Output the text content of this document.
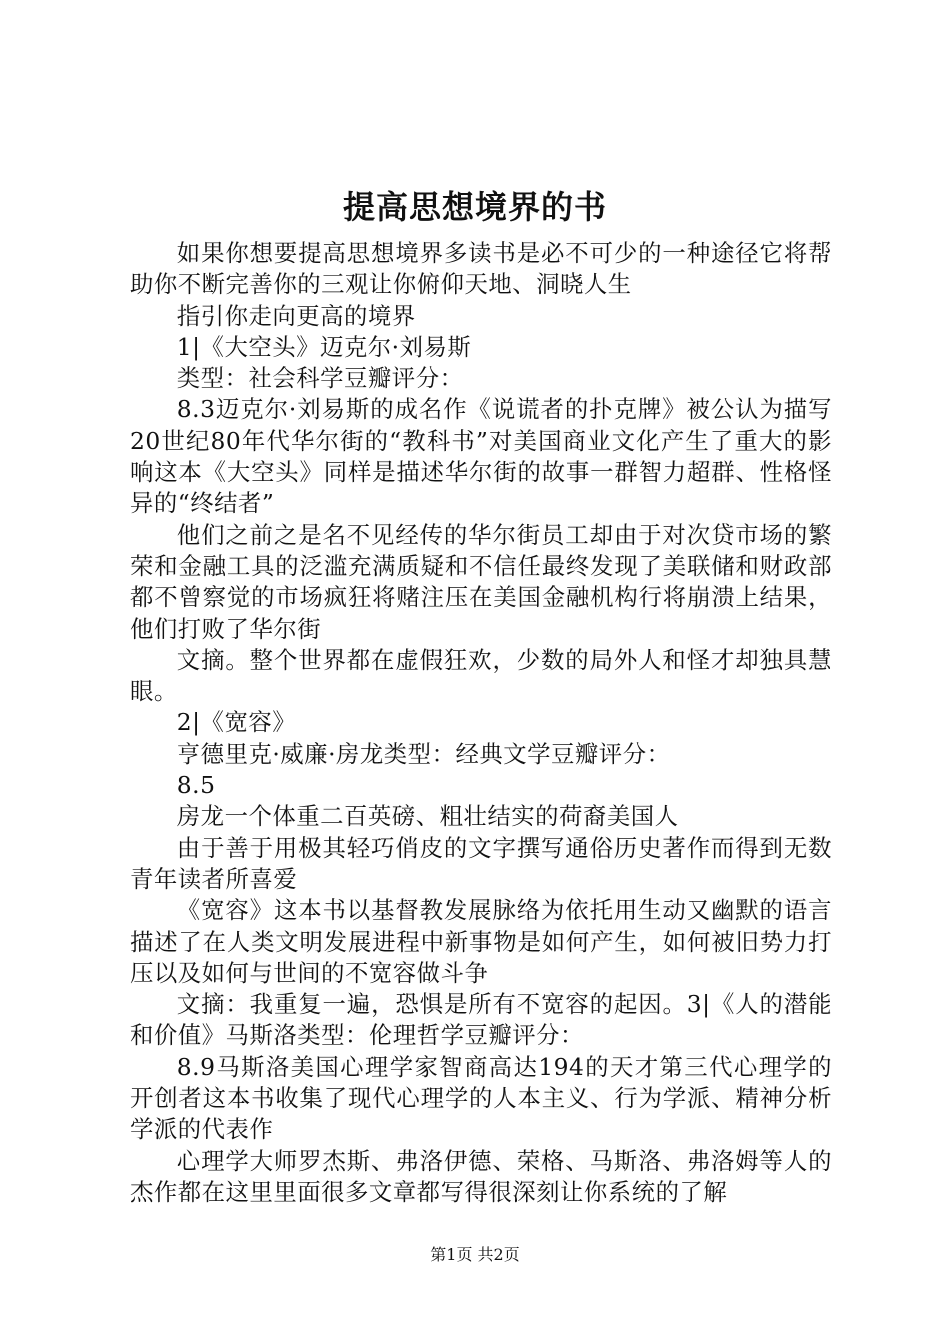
提高思想境界的书

如果你想要提高思想境界多读书是必不可少的一种途径它将帮助你不断完善你的三观让你俯仰天地、洞晓人生

指引你走向更高的境界

1|《大空头》迈克尔·刘易斯

类型：社会科学豆瓣评分：

8.3迈克尔·刘易斯的成名作《说谎者的扑克牌》被公认为描写20世纪80年代华尔街的“教科书”对美国商业文化产生了重大的影响这本《大空头》同样是描述华尔街的故事一群智力超群、性格怪异的“终结者”

他们之前之是名不见经传的华尔街员工却由于对次贷市场的繁荣和金融工具的泛滥充满质疑和不信任最终发现了美联储和财政部都不曾察觉的市场疯狂将赌注压在美国金融机构行将崩溃上结果，他们打败了华尔街

文摘。整个世界都在虚假狂欢，少数的局外人和怪才却独具慧眼。

2|《宽容》

亨德里克·威廉·房龙类型：经典文学豆瓣评分：

8.5

房龙一个体重二百英磅、粗壮结实的荷裔美国人

由于善于用极其轻巧俏皮的文字撰写通俗历史著作而得到无数青年读者所喜爱

《宽容》这本书以基督教发展脉络为依托用生动又幽默的语言描述了在人类文明发展进程中新事物是如何产生，如何被旧势力打压以及如何与世间的不宽容做斗争

文摘：我重复一遍，恐惧是所有不宽容的起因。3|《人的潜能和价值》马斯洛类型：伦理哲学豆瓣评分：

8.9马斯洛美国心理学家智商高达194的天才第三代心理学的开创者这本书收集了现代心理学的人本主义、行为学派、精神分析学派的代表作

心理学大师罗杰斯、弗洛伊德、荣格、马斯洛、弗洛姆等人的杰作都在这里里面很多文章都写得很深刻让你系统的了解

第1页 共2页
